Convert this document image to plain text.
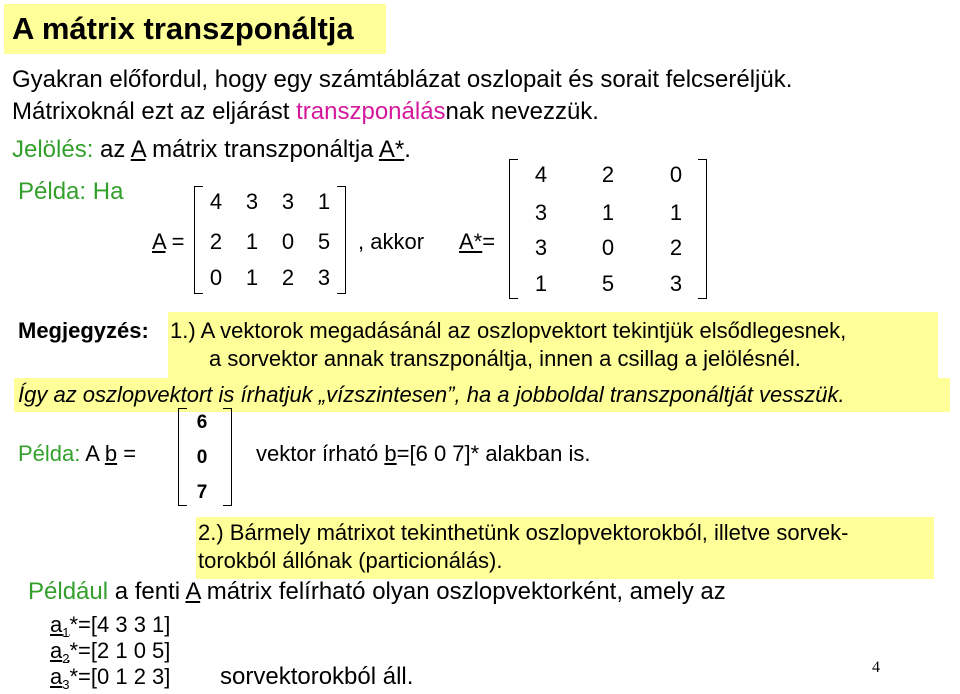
A mátrix transzponáltja
Gyakran előfordul, hogy egy számtáblázat oszlopait és sorait felcseréljük.
Mátrixoknál ezt az eljárást transzponálásnak nevezzük.
Jelölés: az A mátrix transzponáltja A*.
Példa: Ha
A =
4	3	3	1
2	1	0	5
0	1	2	3
, akkor A*=
4	2	0
3	1	1
3	0	2
1	5	3
Megjegyzés: 1.) A vektorok megadásánál az oszlopvektort tekintjük elsődlegesnek,
a sorvektor annak transzponáltja, innen a csillag a jelölésnél.
Így az oszlopvektort is írhatjuk „vízszintesen”, ha a jobboldal transzponáltját vesszük.
Példa: A b =
6
0
7
vektor írható b=[6 0 7]* alakban is.
2.) Bármely mátrixot tekinthetünk oszlopvektorokból, illetve sorvek-
torokból állónak (particionálás).
Például a fenti A mátrix felírható olyan oszlopvektorként, amely az
$a_1*=[4$ 3 3 1]
$a_2*=[2$ 1 0 5]
$a_3*=[0$ 1 2 3] sorvektorokból áll.	4
